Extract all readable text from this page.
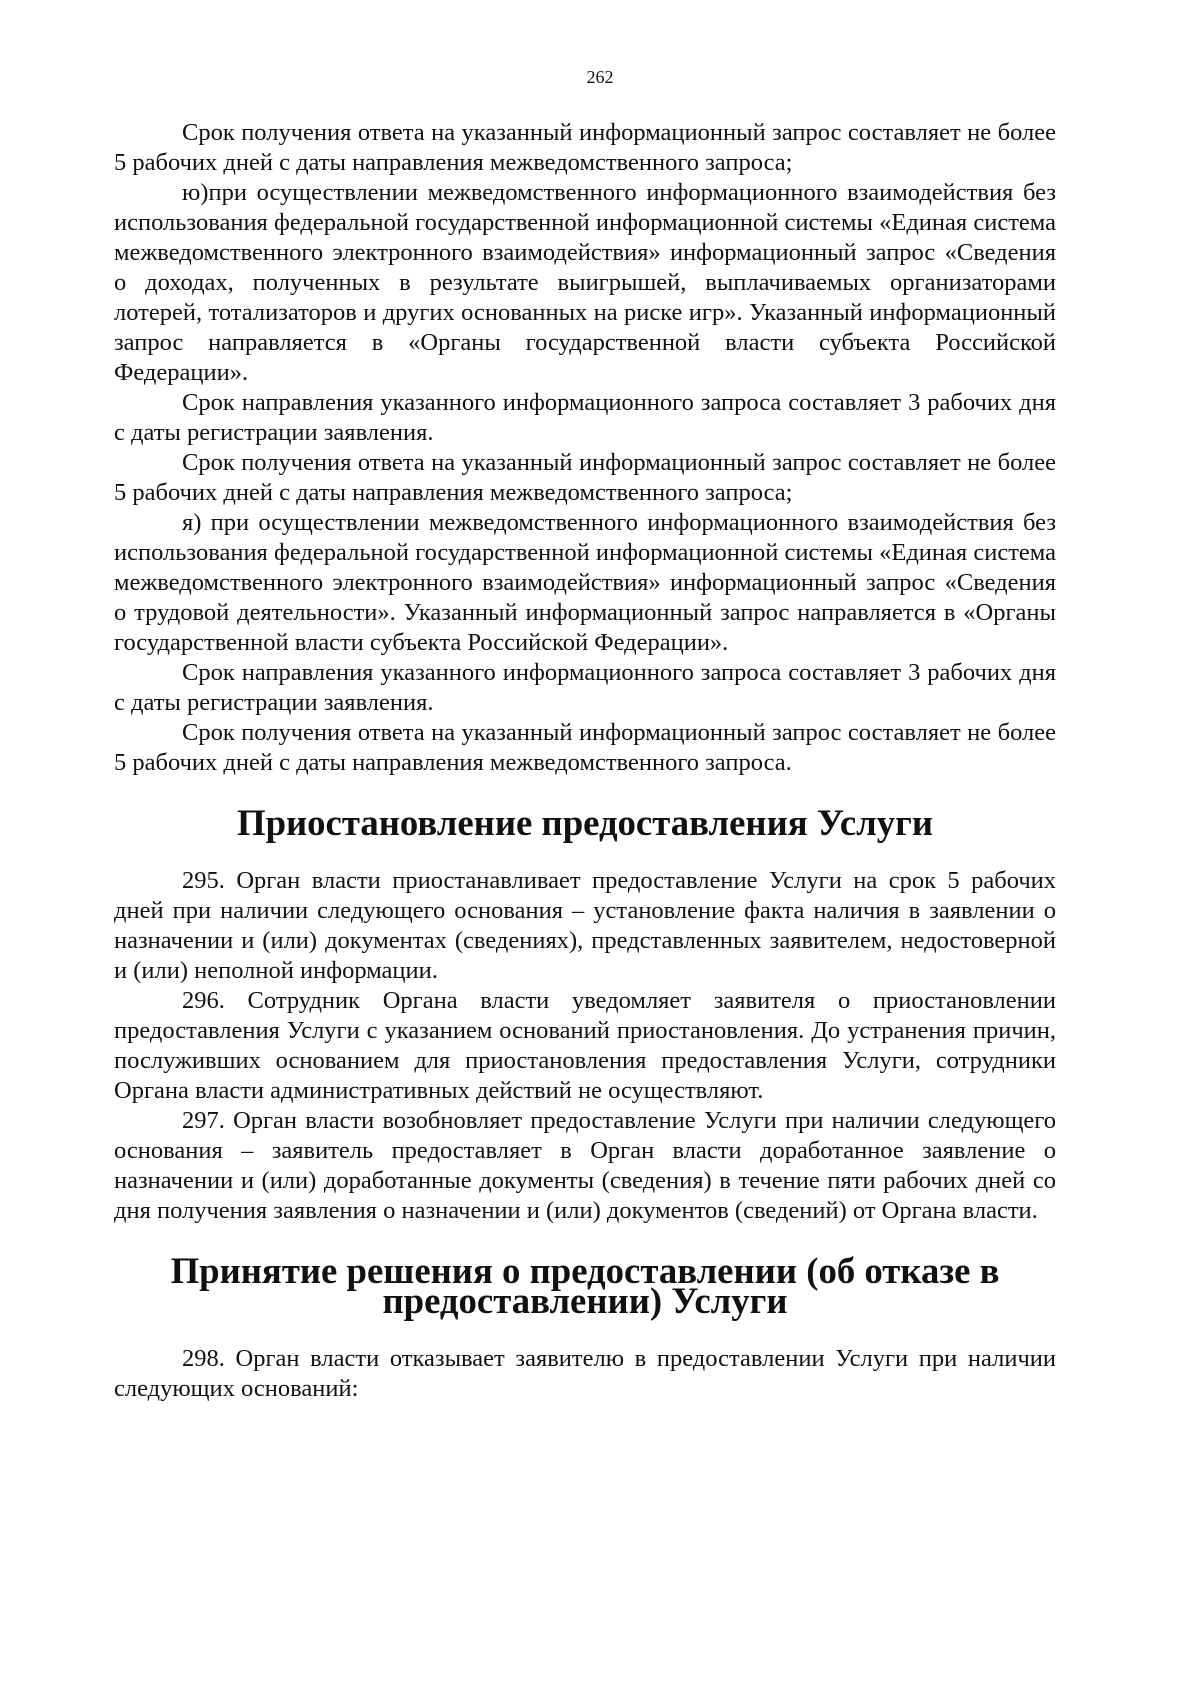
262

Срок получения ответа на указанный информационный запрос составляет не более 5 рабочих дней с даты направления межведомственного запроса;

ю)при осуществлении межведомственного информационного взаимодействия без использования федеральной государственной информационной системы «Единая система межведомственного электронного взаимодействия» информационный запрос «Сведения о доходах, полученных в результате выигрышей, выплачиваемых организаторами лотерей, тотализаторов и других основанных на риске игр». Указанный информационный запрос направляется в «Органы государственной власти субъекта Российской Федерации».

Срок направления указанного информационного запроса составляет 3 рабочих дня с даты регистрации заявления.

Срок получения ответа на указанный информационный запрос составляет не более 5 рабочих дней с даты направления межведомственного запроса;

я) при осуществлении межведомственного информационного взаимодействия без использования федеральной государственной информационной системы «Единая система межведомственного электронного взаимодействия» информационный запрос «Сведения о трудовой деятельности». Указанный информационный запрос направляется в «Органы государственной власти субъекта Российской Федерации».

Срок направления указанного информационного запроса составляет 3 рабочих дня с даты регистрации заявления.

Срок получения ответа на указанный информационный запрос составляет не более 5 рабочих дней с даты направления межведомственного запроса.

Приостановление предоставления Услуги

295. Орган власти приостанавливает предоставление Услуги на срок 5 рабочих дней при наличии следующего основания – установление факта наличия в заявлении о назначении и (или) документах (сведениях), представленных заявителем, недостоверной и (или) неполной информации.

296. Сотрудник Органа власти уведомляет заявителя о приостановлении предоставления Услуги с указанием оснований приостановления. До устранения причин, послуживших основанием для приостановления предоставления Услуги, сотрудники Органа власти административных действий не осуществляют.

297. Орган власти возобновляет предоставление Услуги при наличии следующего основания – заявитель предоставляет в Орган власти доработанное заявление о назначении и (или) доработанные документы (сведения) в течение пяти рабочих дней со дня получения заявления о назначении и (или) документов (сведений) от Органа власти.

Принятие решения о предоставлении (об отказе в предоставлении) Услуги

298. Орган власти отказывает заявителю в предоставлении Услуги при наличии следующих оснований:
